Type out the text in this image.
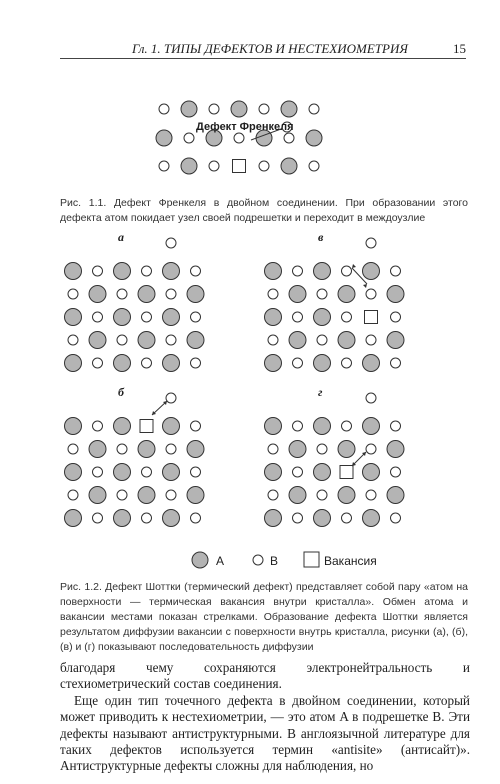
Гл. 1. ТИПЫ ДЕФЕКТОВ И НЕСТЕХИОМЕТРИЯ	15
Дефект Френкеля
Рис. 1.1. Дефект Френкеля в двойном соединении. При образовании этого дефекта атом покидает узел своей подрешетки и переходит в междоузлие
а	в
б	г
A	B	Вакансия
Рис. 1.2. Дефект Шоттки (термический дефект) представляет собой пару «атом на поверхности — термическая вакансия внутри кристалла». Обмен атома и вакансии местами показан стрелками. Образование дефекта Шоттки является результатом диффузии вакансии с поверхности внутрь кристалла, рисунки (а), (б), (в) и (г) показывают последовательность диффузии

благодаря чему сохраняются электронейтральность и стехиометрический состав соединения.

Еще один тип точечного дефекта в двойном соединении, который может приводить к нестехиометрии, — это атом A в подрешетке B. Эти дефекты называют антиструктурными. В англоязычной литературе для таких дефектов используется термин «antisite» (антисайт)». Антиструктурные дефекты сложны для наблюдения, но
